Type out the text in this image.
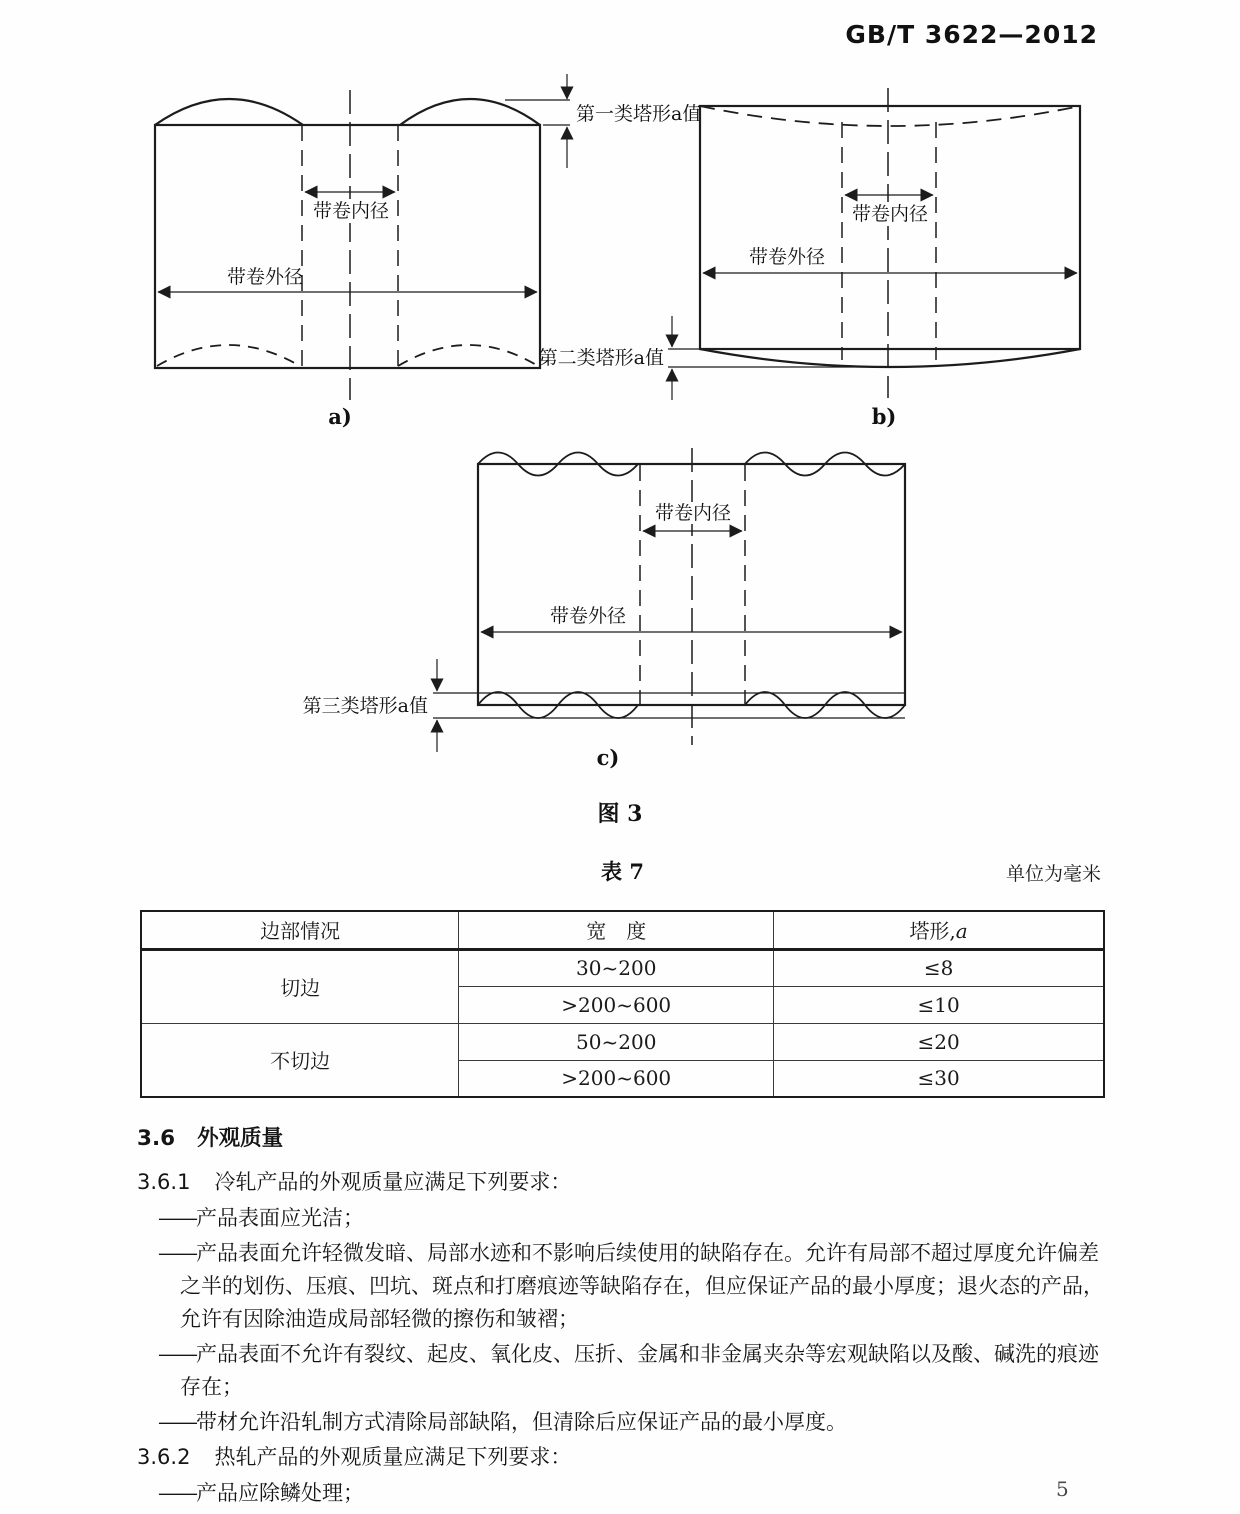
GB/T 3622—2012
带卷内径
带卷外径
第一类塔形a值
a)
带卷内径
带卷外径
第二类塔形a值
b)
带卷内径
带卷外径
第三类塔形a值
c)
图 3
表 7	单位为毫米
边部情况	宽　度	塔形,a
切边	30~200	≤8
	>200~600	≤10
不切边	50~200	≤20
	>200~600	≤30
3.6 外观质量

3.6.1 冷轧产品的外观质量应满足下列要求：

——产品表面应光洁；
——产品表面允许轻微发暗、局部水迹和不影响后续使用的缺陷存在。允许有局部不超过厚度允许偏差之半的划伤、压痕、凹坑、斑点和打磨痕迹等缺陷存在，但应保证产品的最小厚度；退火态的产品，允许有因除油造成局部轻微的擦伤和皱褶；
——产品表面不允许有裂纹、起皮、氧化皮、压折、金属和非金属夹杂等宏观缺陷以及酸、碱洗的痕迹存在；
——带材允许沿轧制方式清除局部缺陷，但清除后应保证产品的最小厚度。

3.6.2 热轧产品的外观质量应满足下列要求：

——产品应除鳞处理；	5
